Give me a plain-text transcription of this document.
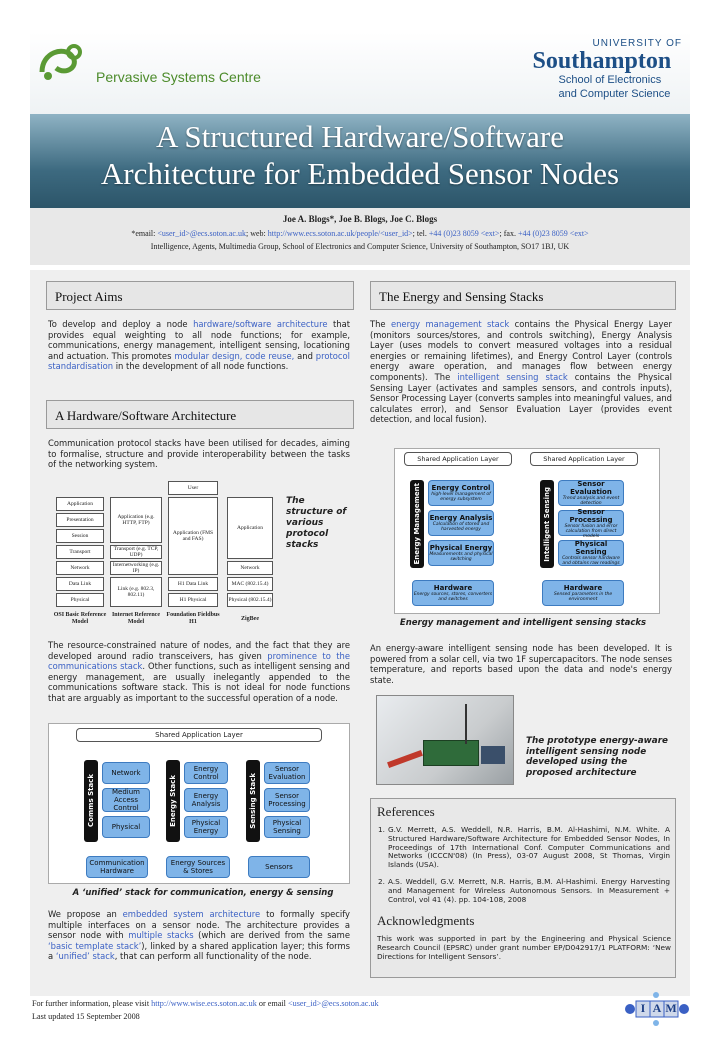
Pervasive Systems Centre
UNIVERSITY OF
Southampton
School of Electronics
and Computer Science
A Structured Hardware/Software
Architecture for Embedded Sensor Nodes
Joe A. Blogs*, Joe B. Blogs, Joe C. Blogs
*email: <user_id>@ecs.soton.ac.uk; web: http://www.ecs.soton.ac.uk/people/<user_id>; tel. +44 (0)23 8059 <ext>; fax. +44 (0)23 8059 <ext>
Intelligence, Agents, Multimedia Group, School of Electronics and Computer Science, University of Southampton, SO17 1BJ, UK
Project Aims
To develop and deploy a node hardware/software architecture that provides equal weighting to all node functions; for example, communications, energy management, intelligent sensing, locationing and actuation. This promotes modular design, code reuse, and protocol standardisation in the development of all node functions.
A Hardware/Software Architecture
Communication protocol stacks have been utilised for decades, aiming to formalise, structure and provide interoperability between the tasks of the networking system.
Application
Presentation
Session
Transport
Network
Data Link
Physical
OSI Basic Reference Model
Application (e.g. HTTP, FTP)
Transport (e.g. TCP, UDP)
Internetworking (e.g. IP)
Link (e.g. 802.3, 802.11)
Internet Reference Model
User
Application (FMS and FAS)
H1 Data Link
H1 Physical
Foundation Fieldbus H1
Application
Network
MAC (802.15.4)
Physical (802.15.4)
ZigBee
The structure of various protocol stacks
The resource-constrained nature of nodes, and the fact that they are developed around radio transceivers, has given prominence to the communications stack. Other functions, such as intelligent sensing and energy management, are usually inelegantly appended to the communications software stack. This is not ideal for node functions that are arguably as important to the successful operation of a node.
Shared Application Layer
Comms Stack
Network
Medium Access Control
Physical
Energy Stack
Energy Control
Energy Analysis
Physical Energy
Sensing Stack
Sensor Evaluation
Sensor Processing
Physical Sensing
Communication Hardware
Energy Sources & Stores	Sensors
A ‘unified’ stack for communication, energy & sensing
We propose an embedded system architecture to formally specify multiple interfaces on a sensor node. The architecture provides a sensor node with multiple stacks (which are derived from the same ‘basic template stack’), linked by a shared application layer; this forms a ‘unified’ stack, that can perform all functionality of the node.
The Energy and Sensing Stacks
The energy management stack contains the Physical Energy Layer (monitors sources/stores, and controls switching), Energy Analysis Layer (uses models to convert measured voltages into a residual energies or remaining lifetimes), and Energy Control Layer (controls energy aware operation, and manages flow between energy components). The intelligent sensing stack contains the Physical Sensing Layer (activates and samples sensors, and controls inputs), Sensor Processing Layer (converts samples into meaningful values, and calculates error), and Sensor Evaluation Layer (provides event detection, and local fusion).
Shared Application Layer	Shared Application Layer
Energy Management Energy Control
high-level management of energy subsystem
Energy Analysis
Calculation of stored and harvested energy
Physical Energy
Measurements and physical switching
Hardware
Energy sources, stores, converters and switches
Intelligent Sensing
Sensor Evaluation
Trend analysis and event detection
Sensor Processing
Sensor fusion and error calculation from direct models
Physical Sensing
Controls sensor hardware and obtains raw readings
Hardware
Sensed parameters in the environment
Energy management and intelligent sensing stacks
An energy-aware intelligent sensing node has been developed. It is powered from a solar cell, via two 1F supercapacitors. The node senses temperature, and reports based upon the data and node's energy state.
The prototype energy-aware intelligent sensing node developed using the proposed architecture
References
1. G.V. Merrett, A.S. Weddell, N.R. Harris, B.M. Al-Hashimi, N.M. White. A Structured Hardware/Software Architecture for Embedded Sensor Nodes, In Proceedings of 17th International Conf. Computer Communications and Networks (ICCCN'08) (In Press), 03-07 August 2008, St Thomas, Virgin Islands (USA).
2. A.S. Weddell, G.V. Merrett, N.R. Harris, B.M. Al-Hashimi. Energy Harvesting and Management for Wireless Autonomous Sensors. In Measurement + Control, vol 41 (4). pp. 104-108, 2008
Acknowledgments
This work was supported in part by the Engineering and Physical Science Research Council (EPSRC) under grant number EP/D042917/1 PLATFORM: ‘New Directions for Intelligent Sensors’.
For further information, please visit http://www.wise.ecs.soton.ac.uk or email <user_id>@ecs.soton.ac.uk
Last updated 15 September 2008
I A M
